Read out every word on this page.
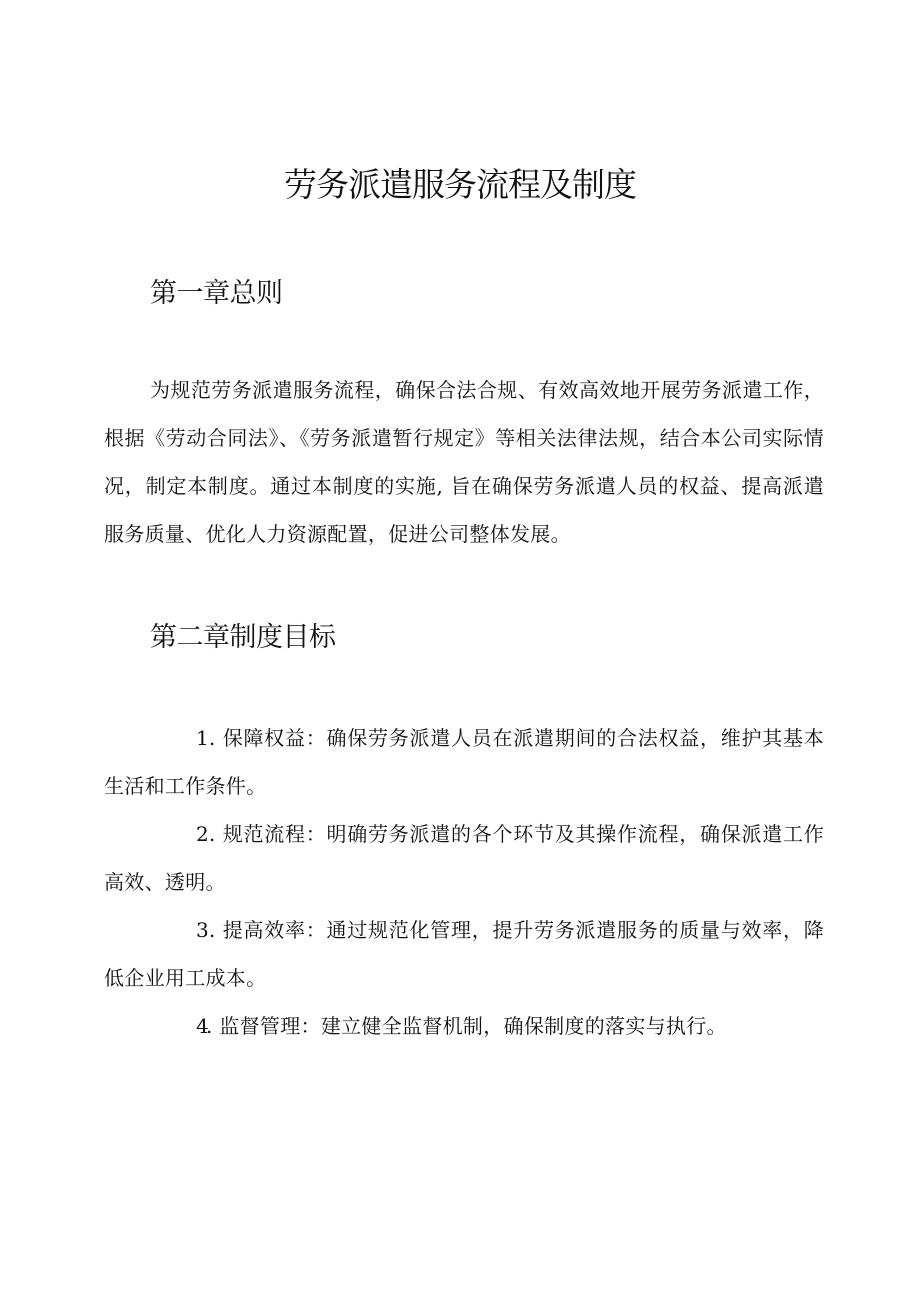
劳务派遣服务流程及制度
第一章总则

为规范劳务派遣服务流程，确保合法合规、有效高效地开展劳务派遣工作，根据《劳动合同法》、《劳务派遣暂行规定》等相关法律法规，结合本公司实际情况，制定本制度。通过本制度的实施, 旨在确保劳务派遣人员的权益、提高派遣服务质量、优化人力资源配置，促进公司整体发展。

第二章制度目标

1. 保障权益：确保劳务派遣人员在派遣期间的合法权益，维护其基本生活和工作条件。

2. 规范流程：明确劳务派遣的各个环节及其操作流程，确保派遣工作高效、透明。

3. 提高效率：通过规范化管理，提升劳务派遣服务的质量与效率，降低企业用工成本。

4. 监督管理：建立健全监督机制，确保制度的落实与执行。
